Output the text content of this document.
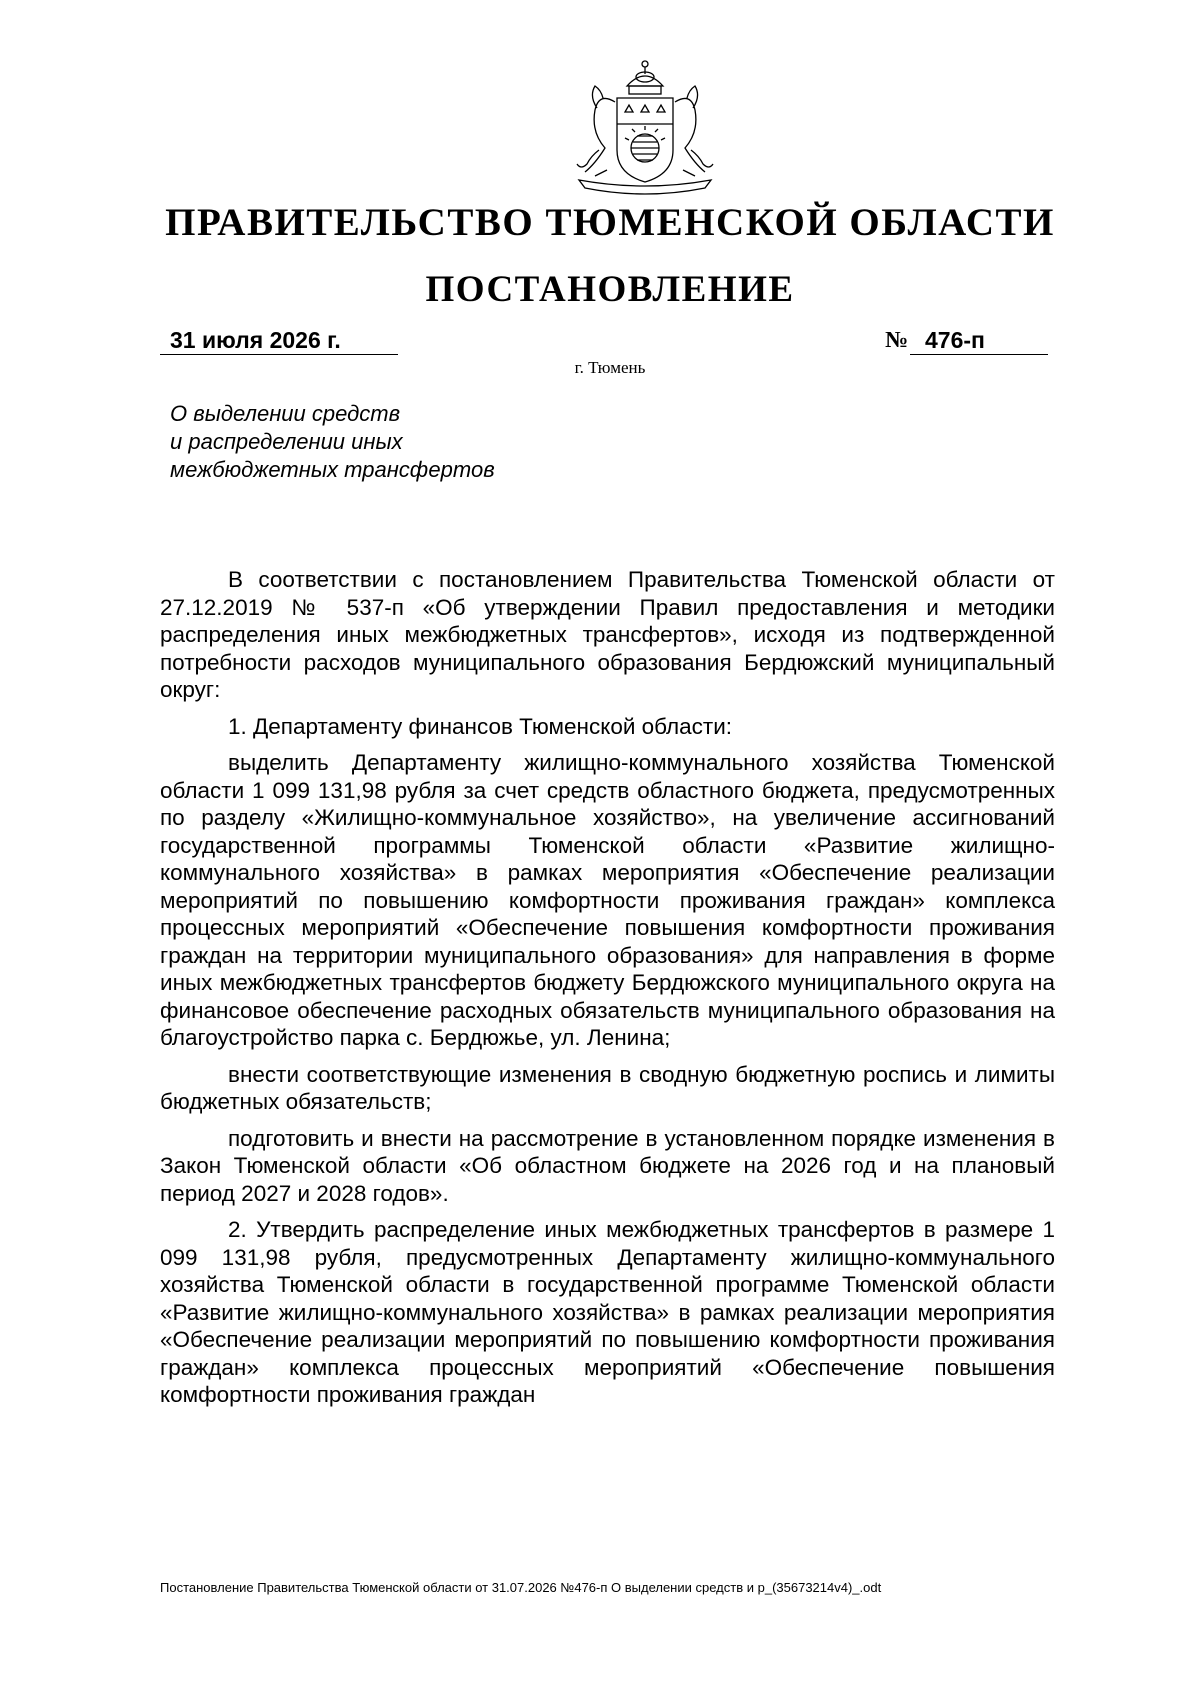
ПРАВИТЕЛЬСТВО ТЮМЕНСКОЙ ОБЛАСТИ
ПОСТАНОВЛЕНИЕ
31 июля 2026 г.	№ 476-п
г. Тюмень
О выделении средств
и распределении иных
межбюджетных трансфертов

В соответствии с постановлением Правительства Тюменской области от 27.12.2019 № 537-п «Об утверждении Правил предоставления и методики распределения иных межбюджетных трансфертов», исходя из подтвержденной потребности расходов муниципального образования Бердюжский муниципальный округ:

1. Департаменту финансов Тюменской области:

выделить Департаменту жилищно-коммунального хозяйства Тюменской области 1 099 131,98 рубля за счет средств областного бюджета, предусмотренных по разделу «Жилищно-коммунальное хозяйство», на увеличение ассигнований государственной программы Тюменской области «Развитие жилищно-коммунального хозяйства» в рамках мероприятия «Обеспечение реализации мероприятий по повышению комфортности проживания граждан» комплекса процессных мероприятий «Обеспечение повышения комфортности проживания граждан на территории муниципального образования» для направления в форме иных межбюджетных трансфертов бюджету Бердюжского муниципального округа на финансовое обеспечение расходных обязательств муниципального образования на благоустройство парка с. Бердюжье, ул. Ленина;

внести соответствующие изменения в сводную бюджетную роспись и лимиты бюджетных обязательств;

подготовить и внести на рассмотрение в установленном порядке изменения в Закон Тюменской области «Об областном бюджете на 2026 год и на плановый период 2027 и 2028 годов».

2. Утвердить распределение иных межбюджетных трансфертов в размере 1 099 131,98 рубля, предусмотренных Департаменту жилищно-коммунального хозяйства Тюменской области в государственной программе Тюменской области «Развитие жилищно-коммунального хозяйства» в рамках реализации мероприятия «Обеспечение реализации мероприятий по повышению комфортности проживания граждан» комплекса процессных мероприятий «Обеспечение повышения комфортности проживания граждан

Постановление Правительства Тюменской области от 31.07.2026 №476-п О выделении средств и р_(35673214v4)_.odt
